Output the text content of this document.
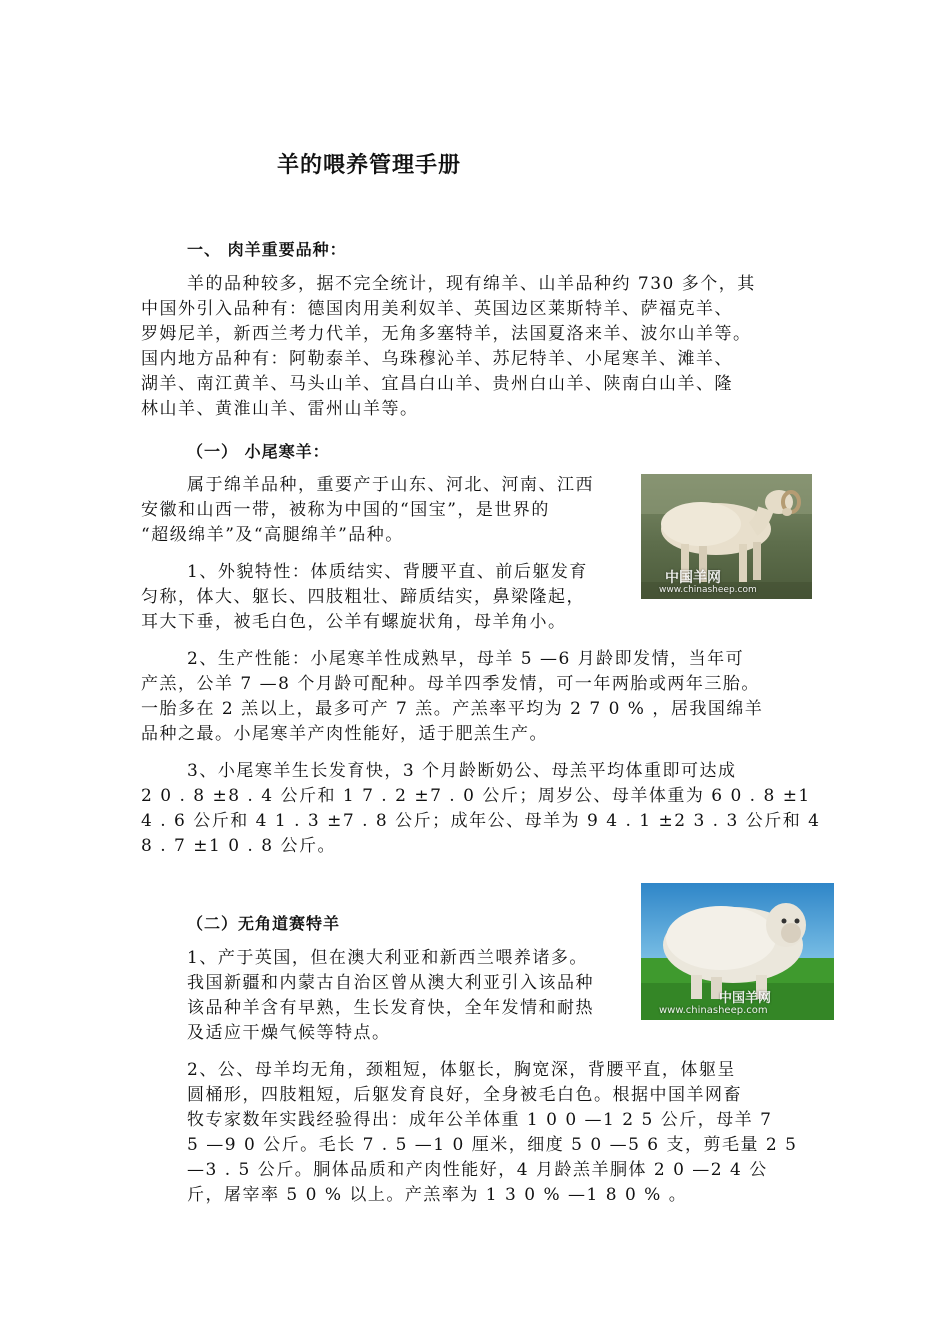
羊的喂养管理手册
一、 肉羊重要品种：
羊的品种较多，据不完全统计，现有绵羊、山羊品种约 730 多个，其
中国外引入品种有：德国肉用美利奴羊、英国边区莱斯特羊、萨福克羊、
罗姆尼羊，新西兰考力代羊，无角多塞特羊，法国夏洛来羊、波尔山羊等。
国内地方品种有：阿勒泰羊、乌珠穆沁羊、苏尼特羊、小尾寒羊、滩羊、
湖羊、南江黄羊、马头山羊、宜昌白山羊、贵州白山羊、陕南白山羊、隆
林山羊、黄淮山羊、雷州山羊等。
（一） 小尾寒羊：
属于绵羊品种，重要产于山东、河北、河南、江西
安徽和山西一带，被称为中国的“国宝”，是世界的
“超级绵羊”及“高腿绵羊”品种。
1、外貌特性：体质结实、背腰平直、前后躯发育
匀称，体大、躯长、四肢粗壮、蹄质结实，鼻梁隆起，
耳大下垂，被毛白色，公羊有螺旋状角，母羊角小。
中国羊网
www.chinasheep.com
2、生产性能：小尾寒羊性成熟早，母羊 5 —6 月龄即发情，当年可
产羔，公羊 7 —8 个月龄可配种。母羊四季发情，可一年两胎或两年三胎。
一胎多在 2 羔以上，最多可产 7 羔。产羔率平均为 2 7 0 % ，居我国绵羊
品种之最。小尾寒羊产肉性能好，适于肥羔生产。
3、小尾寒羊生长发育快，3 个月龄断奶公、母羔平均体重即可达成
2 0 . 8 ±8 . 4 公斤和 1 7 . 2 ±7 . 0 公斤；周岁公、母羊体重为 6 0 . 8 ±1
4 . 6 公斤和 4 1 . 3 ±7 . 8 公斤；成年公、母羊为 9 4 . 1 ±2 3 . 3 公斤和 4
8 . 7 ±1 0 . 8 公斤。
（二）无角道赛特羊
中国羊网
www.chinasheep.com
1、产于英国，但在澳大利亚和新西兰喂养诸多。
我国新疆和内蒙古自治区曾从澳大利亚引入该品种
该品种羊含有早熟，生长发育快，全年发情和耐热
及适应干燥气候等特点。
2、公、母羊均无角，颈粗短，体躯长，胸宽深，背腰平直，体躯呈
圆桶形，四肢粗短，后躯发育良好，全身被毛白色。根据中国羊网畜
牧专家数年实践经验得出：成年公羊体重 1 0 0 —1 2 5 公斤，母羊 7
5 —9 0 公斤。毛长 7 . 5 —1 0 厘米，细度 5 0 —5 6 支，剪毛量 2 5
—3 . 5 公斤。胴体品质和产肉性能好，4 月龄羔羊胴体 2 0 —2 4 公
斤，屠宰率 5 0 % 以上。产羔率为 1 3 0 % —1 8 0 % 。
